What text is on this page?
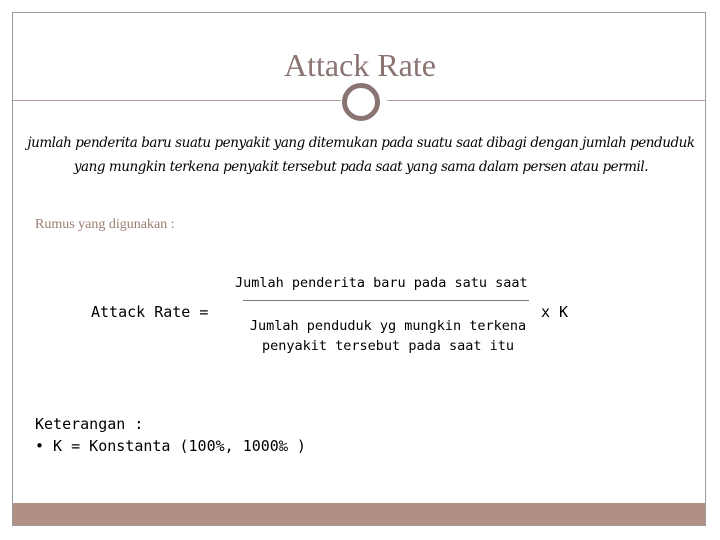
Attack Rate
jumlah penderita baru suatu penyakit yang ditemukan pada suatu saat dibagi dengan jumlah penduduk
yang mungkin terkena penyakit tersebut pada saat yang sama dalam persen atau permil.
Rumus yang digunakan :
Attack Rate =
Jumlah penderita baru pada satu saat
x K
Jumlah penduduk yg mungkin terkena
penyakit tersebut pada saat itu
Keterangan :
• K = Konstanta (100%, 1000‰ )
